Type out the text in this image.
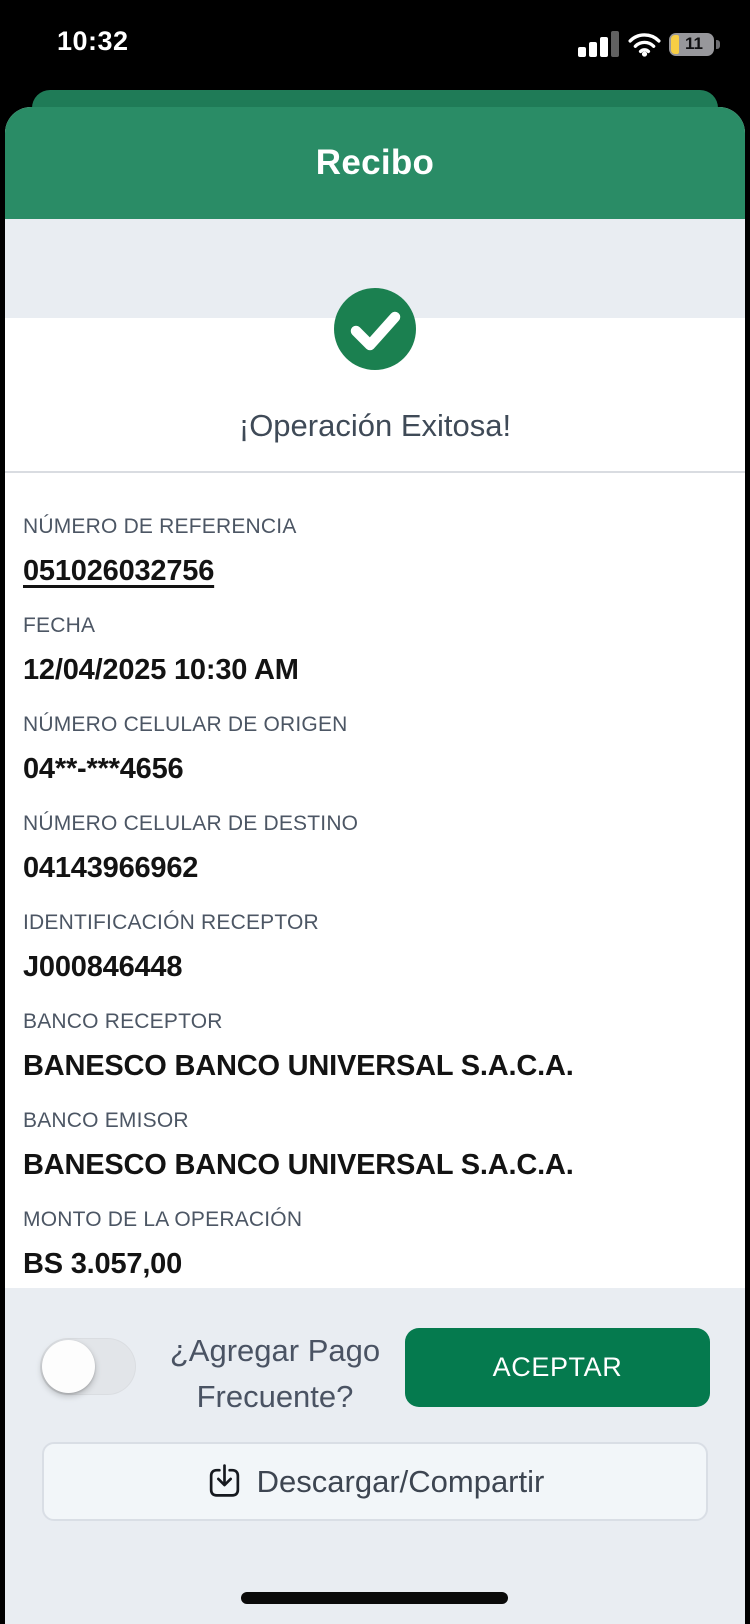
10:32	11
Recibo
¡Operación Exitosa!
NÚMERO DE REFERENCIA
051026032756
FECHA
12/04/2025 10:30 AM
NÚMERO CELULAR DE ORIGEN
04**-***4656
NÚMERO CELULAR DE DESTINO
04143966962
IDENTIFICACIÓN RECEPTOR
J000846448
BANCO RECEPTOR
BANESCO BANCO UNIVERSAL S.A.C.A.
BANCO EMISOR
BANESCO BANCO UNIVERSAL S.A.C.A.
MONTO DE LA OPERACIÓN
BS 3.057,00
¿Agregar Pago Frecuente?
ACEPTAR
Descargar/Compartir
